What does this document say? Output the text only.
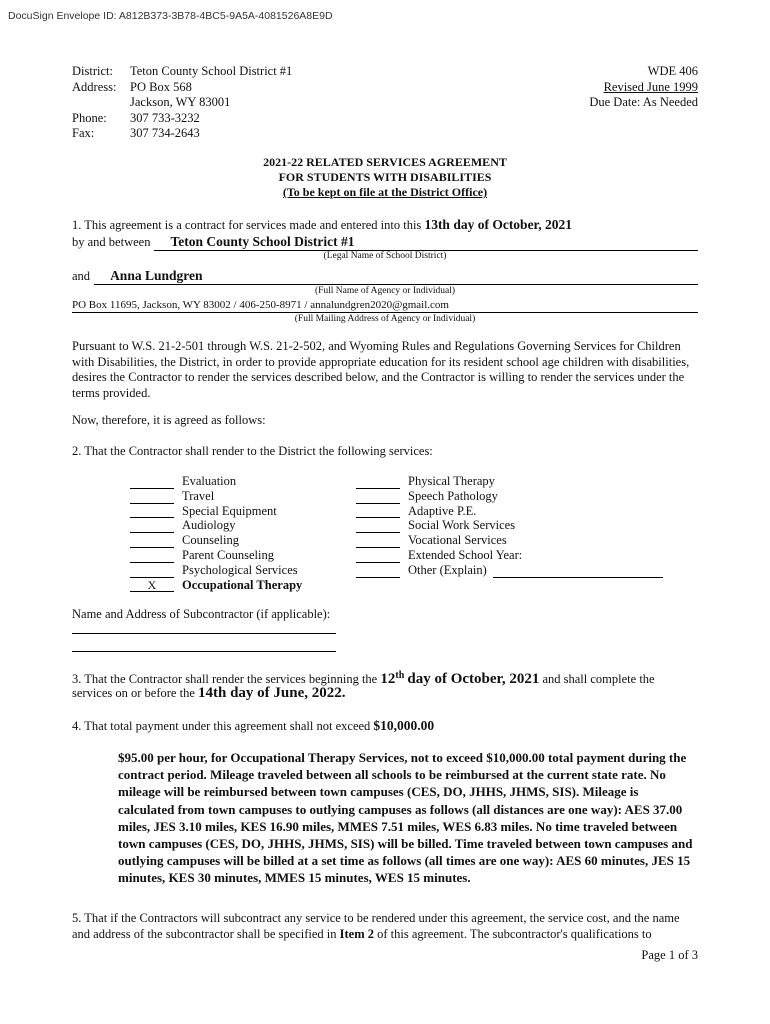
DocuSign Envelope ID: A812B373-3B78-4BC5-9A5A-4081526A8E9D
District:	Teton County School District #1
Address:	PO Box 568
Jackson, WY 83001
Phone:	307 733-3232
Fax:	307 734-2643
WDE 406
Revised June 1999
Due Date: As Needed
2021-22 RELATED SERVICES AGREEMENT
FOR STUDENTS WITH DISABILITIES
(To be kept on file at the District Office)
1. This agreement is a contract for services made and entered into this 13th day of October, 2021
by and between	Teton County School District #1
(Legal Name of School District)
and	Anna Lundgren
(Full Name of Agency or Individual)
PO Box 11695, Jackson, WY 83002 / 406-250-8971 / annalundgren2020@gmail.com
(Full Mailing Address of Agency or Individual)
Pursuant to W.S. 21-2-501 through W.S. 21-2-502, and Wyoming Rules and Regulations Governing Services for Children with Disabilities, the District, in order to provide appropriate education for its resident school age children with disabilities, desires the Contractor to render the services described below, and the Contractor is willing to render the services under the terms provided.
Now, therefore, it is agreed as follows:
2. That the Contractor shall render to the District the following services:
Evaluation
Travel
Special Equipment
Audiology
Counseling
Parent Counseling
Psychological Services
X	Occupational Therapy
Physical Therapy
Speech Pathology
Adaptive P.E.
Social Work Services
Vocational Services
Extended School Year:
Other (Explain)
Name and Address of Subcontractor (if applicable):
3. That the Contractor shall render the services beginning the 12th day of October, 2021 and shall complete the
services on or before the 14th day of June, 2022.
4. That total payment under this agreement shall not exceed $10,000.00
$95.00 per hour, for Occupational Therapy Services, not to exceed $10,000.00 total payment during the contract period. Mileage traveled between all schools to be reimbursed at the current state rate. No mileage will be reimbursed between town campuses (CES, DO, JHHS, JHMS, SIS). Mileage is calculated from town campuses to outlying campuses as follows (all distances are one way): AES 37.00 miles, JES 3.10 miles, KES 16.90 miles, MMES 7.51 miles, WES 6.83 miles. No time traveled between town campuses (CES, DO, JHHS, JHMS, SIS) will be billed. Time traveled between town campuses and outlying campuses will be billed at a set time as follows (all times are one way): AES 60 minutes, JES 15 minutes, KES 30 minutes, MMES 15 minutes, WES 15 minutes.
5. That if the Contractors will subcontract any service to be rendered under this agreement, the service cost, and the name and address of the subcontractor shall be specified in Item 2 of this agreement. The subcontractor's qualifications to
Page 1 of 3
